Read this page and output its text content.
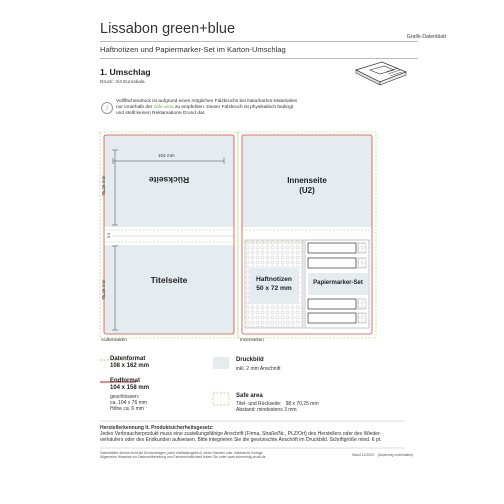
Lissabon green+blue	Grafik-Datenblatt
Haftnotizen und Papiermarker-Set im Karton-Umschlag
1. Umschlag
Druck: 4/4 Euroskala
i
Vollflächendruck ist aufgrund eines möglichen Falzbruchs bei Naturkarton-Materialien
nur innerhalb der safe area zu empfehlen. Dieser Falzbruch ist physikalisch bedingt
und stellt keinen Reklamations-Grund dar.
104 mm
76,25 mm
76,25 mm
5,5
Rückseite
Titelseite
Innenseite
(U2)
Haftnotizen
50 x 72 mm
Papiermarker-Set
Außenseiten	Innenseiten
Datenformat
108 x 162 mm
Endformat
104 x 158 mm
geschlossen:
ca. 104 x 76 mm
Höhe ca. 6 mm
Druckbild
inkl. 2 mm Anschnitt
Safe area
Titel- und Rückseite: 98 x 70,25 mm
Abstand: mindestens 3 mm
Herstellerkennung lt. Produktsicherheitsgesetz:
Jedes Verbraucherprodukt muss eine zustellungsfähige Anschrift (Firma, Straße/Nr., PLZ/Ort) des Herstellers oder des Wieder-
verkäufers oder des Endkunden aufweisen. Bitte integrieren Sie die gewünschte Anschrift im Druckbild. Schriftgröße mind. 6 pt.
Datenblätter dienen nicht als Druckvorlagen (nicht maßstabsgetreu), siehe Stanzen oder Vollansicht-Vorlage
Allgemeine Hinweise zur Datenaufbereitung und Farbverbindlichkeit finden Sie unter www.sohnerfolg-druck.de	Stand 11/2023 (Änderung vorbehalten)
